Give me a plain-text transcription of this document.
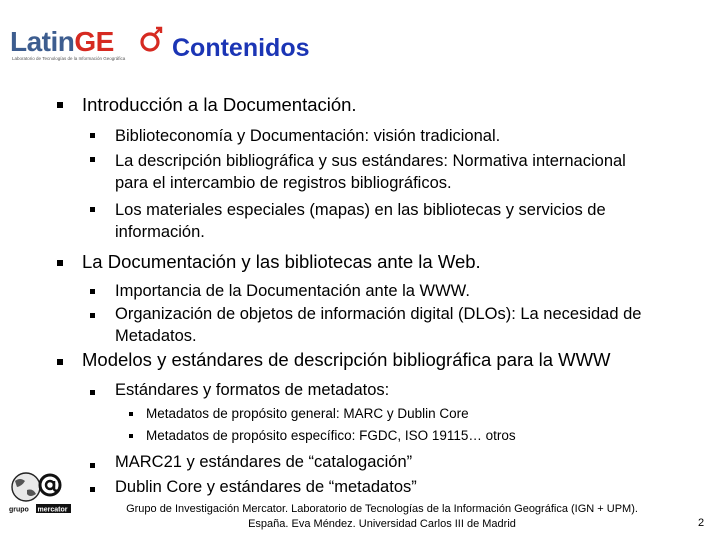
LatinGE
Laboratorio de Tecnologías de la Información Geográfica Contenidos
Introducción a la Documentación.
Biblioteconomía y Documentación: visión tradicional.
La descripción bibliográfica y sus estándares: Normativa internacional
para el intercambio de registros bibliográficos.
Los materiales especiales (mapas) en las bibliotecas y servicios de
información.
La Documentación y las bibliotecas ante la Web.
Importancia de la Documentación ante la WWW.
Organización de objetos de información digital (DLOs): La necesidad de
Metadatos.
Modelos y estándares de descripción bibliográfica para la WWW
Estándares y formatos de metadatos:
Metadatos de propósito general: MARC y Dublin Core
Metadatos de propósito específico: FGDC, ISO 19115… otros
MARC21 y estándares de “catalogación”
Dublin Core y estándares de “metadatos”
grupo mercator	Grupo de Investigación Mercator. Laboratorio de Tecnologías de la Información Geográfica (IGN + UPM).
España. Eva Méndez. Universidad Carlos III de Madrid	2
